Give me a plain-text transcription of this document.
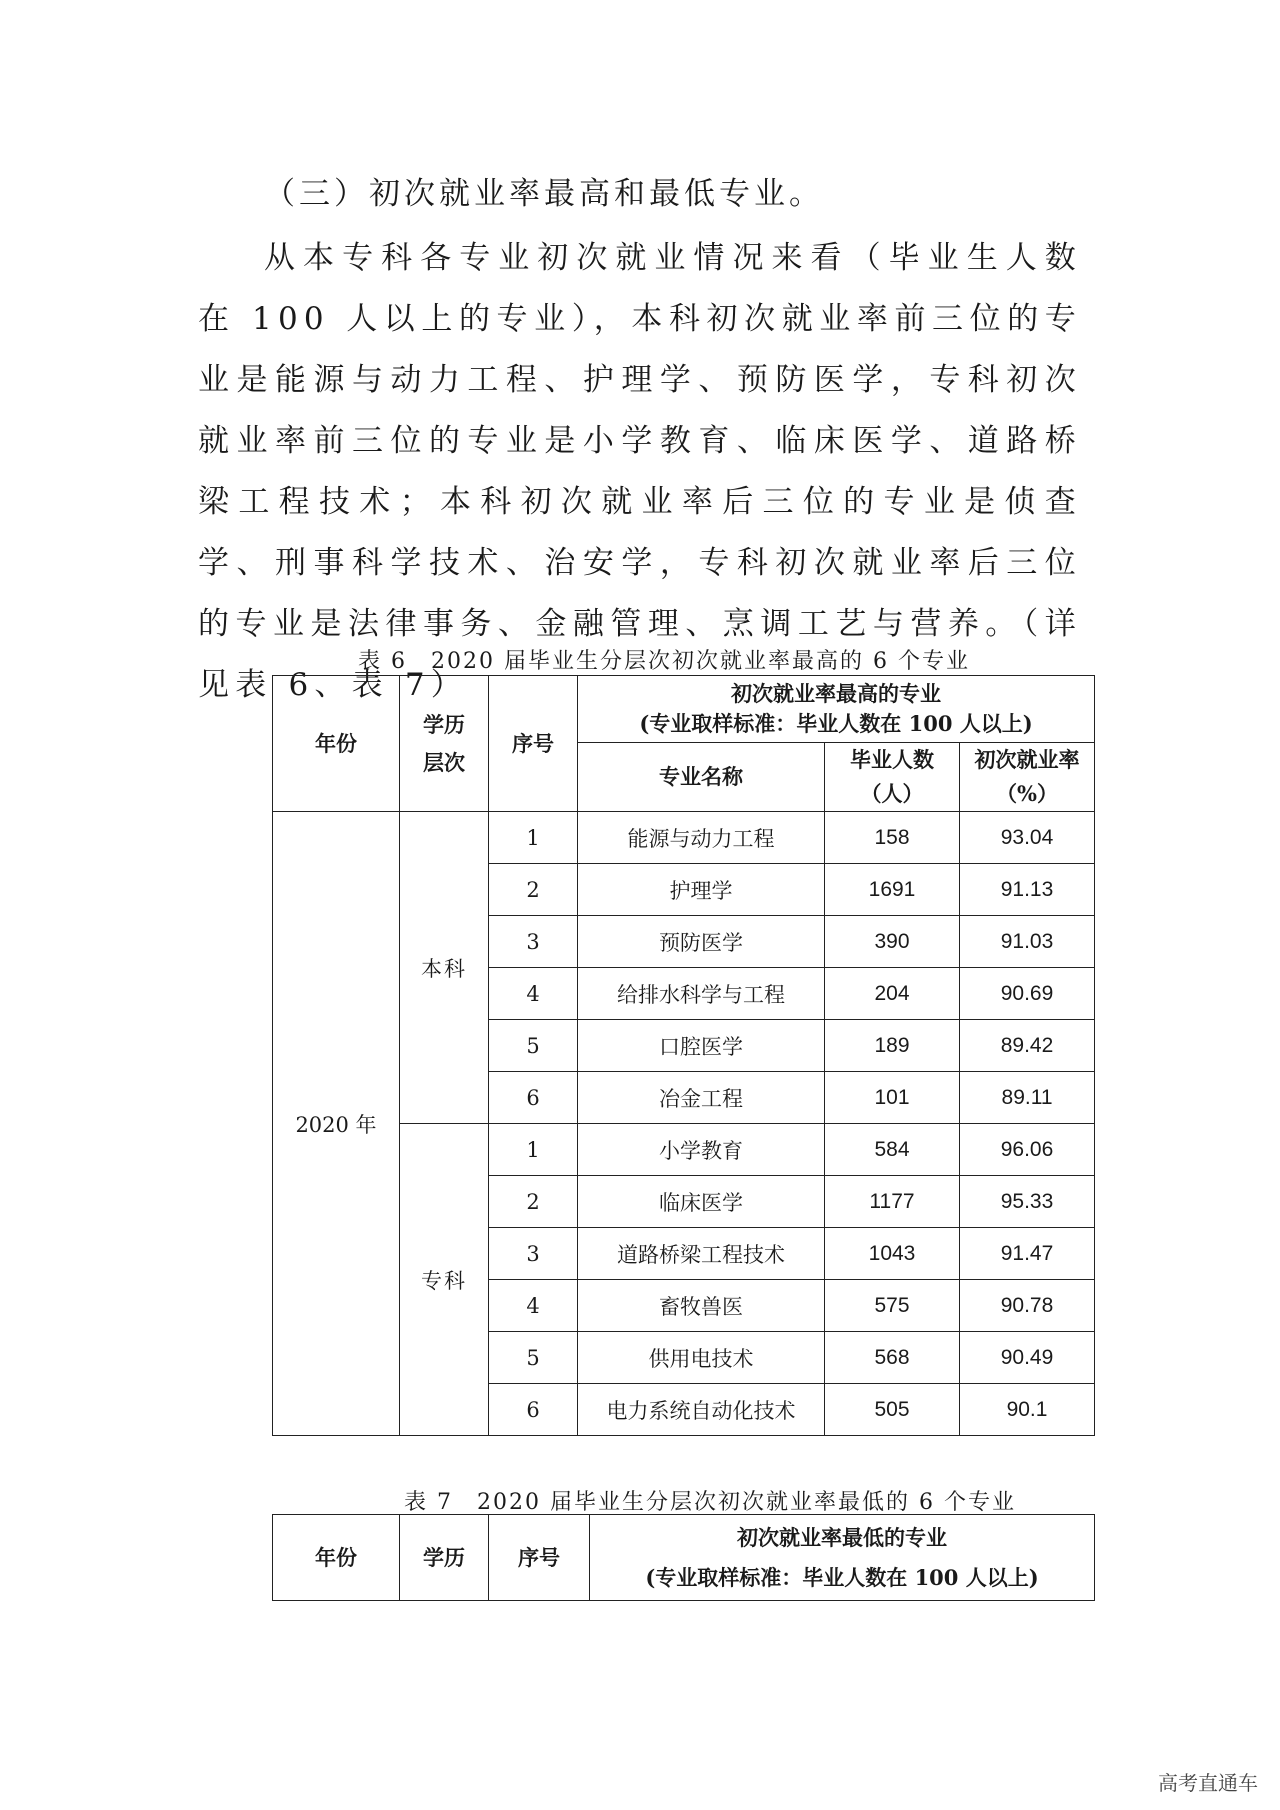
（三）初次就业率最高和最低专业。

从本专科各专业初次就业情况来看（毕业生人数在 100 人以上的专业），本科初次就业率前三位的专业是能源与动力工程、护理学、预防医学，专科初次就业率前三位的专业是小学教育、临床医学、道路桥梁工程技术；本科初次就业率后三位的专业是侦查学、刑事科学技术、治安学，专科初次就业率后三位的专业是法律事务、金融管理、烹调工艺与营养。（详见表 6、表 7）

表 6　2020 届毕业生分层次初次就业率最高的 6 个专业
年份	学历层次	序号	初次就业率最高的专业
(专业取样标准：毕业人数在 100 人以上)		

			专业名称	毕业人数（人）	初次就业率（%）
2020 年	本科	1	能源与动力工程	158	93.04
		2	护理学	1691	91.13
		3	预防医学	390	91.03
		4	给排水科学与工程	204	90.69
		5	口腔医学	189	89.42
		6	冶金工程	101	89.11
	专科	1	小学教育	584	96.06
		2	临床医学	1177	95.33
		3	道路桥梁工程技术	1043	91.47
		4	畜牧兽医	575	90.78
		5	供用电技术	568	90.49
		6	电力系统自动化技术	505	90.1
表 7　2020 届毕业生分层次初次就业率最低的 6 个专业
年份	学历	序号	
初次就业率最低的专业
(专业取样标准：毕业人数在 100 人以上)
高考直通车
